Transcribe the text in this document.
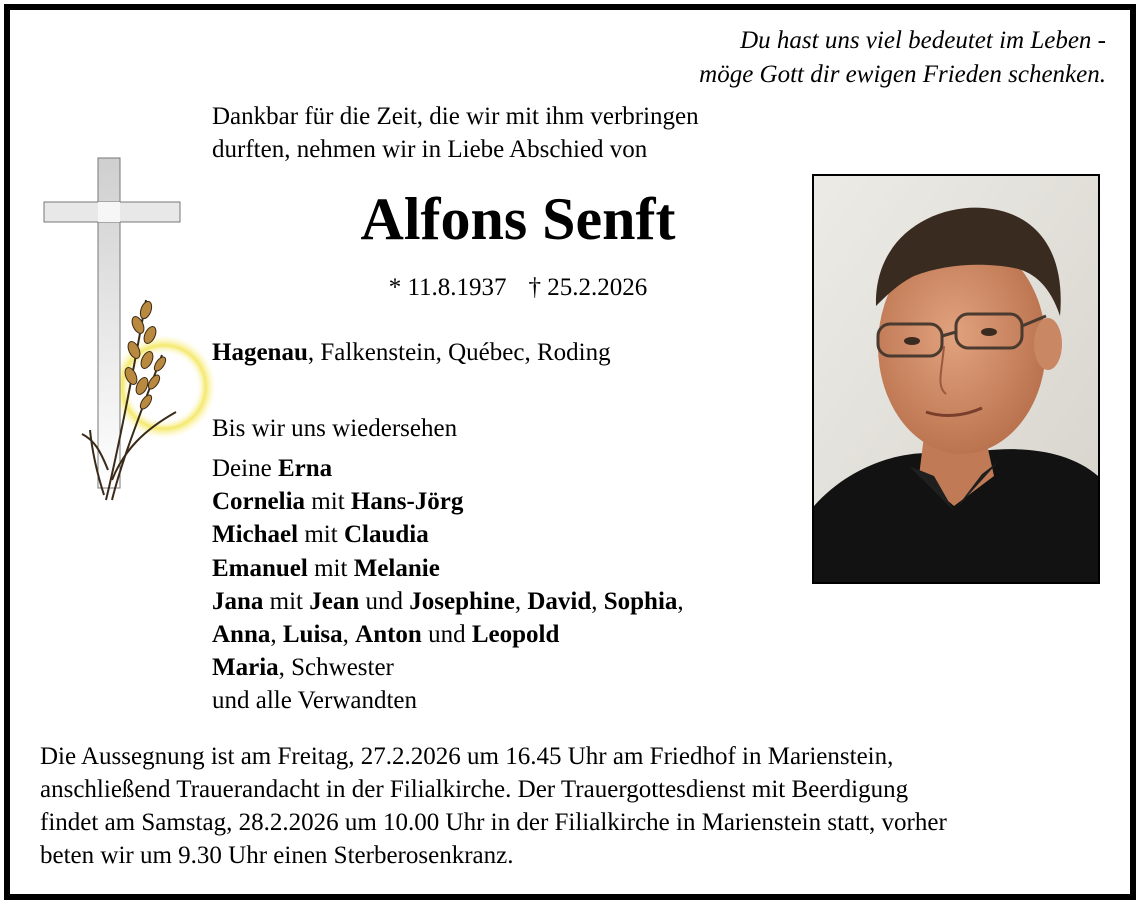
Du hast uns viel bedeutet im Leben -
möge Gott dir ewigen Frieden schenken.
Dankbar für die Zeit, die wir mit ihm verbringen
durften, nehmen wir in Liebe Abschied von
Alfons Senft
* 11.8.1937 † 25.2.2026
Hagenau, Falkenstein, Québec, Roding
Bis wir uns wiedersehen
Deine Erna
Cornelia mit Hans-Jörg
Michael mit Claudia
Emanuel mit Melanie
Jana mit Jean und Josephine, David, Sophia,
Anna, Luisa, Anton und Leopold
Maria, Schwester
und alle Verwandten
Die Aussegnung ist am Freitag, 27.2.2026 um 16.45 Uhr am Friedhof in Marienstein,
anschließend Trauerandacht in der Filialkirche. Der Trauergottesdienst mit Beerdigung
findet am Samstag, 28.2.2026 um 10.00 Uhr in der Filialkirche in Marienstein statt, vorher
beten wir um 9.30 Uhr einen Sterberosenkranz.
